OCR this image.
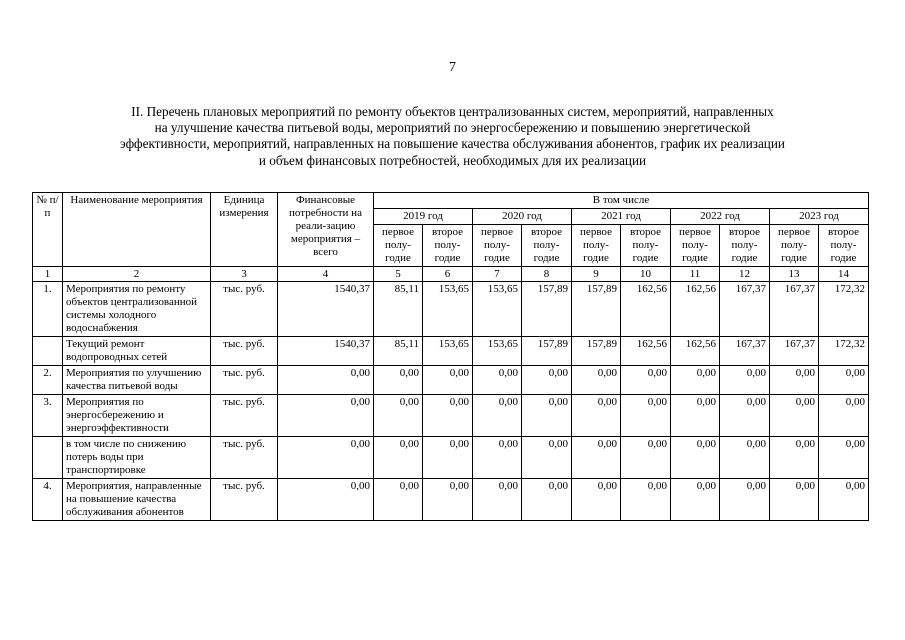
7
II. Перечень плановых мероприятий по ремонту объектов централизованных систем, мероприятий, направленных
на улучшение качества питьевой воды, мероприятий по энергосбережению и повышению энергетической
эффективности, мероприятий, направленных на повышение качества обслуживания абонентов, график их реализации
и объем финансовых потребностей, необходимых для их реализации
№ п/п	Наименование мероприятия	Единица измерения	Финансовые потребности на реали-зацию мероприятия – всего	В том числе									
				2019 год		2020 год		2021 год		2022 год		2023 год	
				первое полу-годие	второе полу-годие	первое полу-годие	второе полу-годие	первое полу-годие	второе полу-годие	первое полу-годие	второе полу-годие	первое полу-годие	второе полу-годие
1	2	3	4	5	6	7	8	9	10	11	12	13	14
1.	Мероприятия по ремонту объектов централизованной системы холодного водоснабжения	тыс. руб.	1540,37	85,11	153,65	153,65	157,89	157,89	162,56	162,56	167,37	167,37	172,32
	Текущий ремонт водопроводных сетей	тыс. руб.	1540,37	85,11	153,65	153,65	157,89	157,89	162,56	162,56	167,37	167,37	172,32
2.	Мероприятия по улучшению качества питьевой воды	тыс. руб.	0,00	0,00	0,00	0,00	0,00	0,00	0,00	0,00	0,00	0,00	0,00
3.	Мероприятия по энергосбережению и энергоэффективности	тыс. руб.	0,00	0,00	0,00	0,00	0,00	0,00	0,00	0,00	0,00	0,00	0,00
	в том числе по снижению потерь воды при транспортировке	тыс. руб.	0,00	0,00	0,00	0,00	0,00	0,00	0,00	0,00	0,00	0,00	0,00
4.	Мероприятия, направленные на повышение качества обслуживания абонентов	тыс. руб.	0,00	0,00	0,00	0,00	0,00	0,00	0,00	0,00	0,00	0,00	0,00
